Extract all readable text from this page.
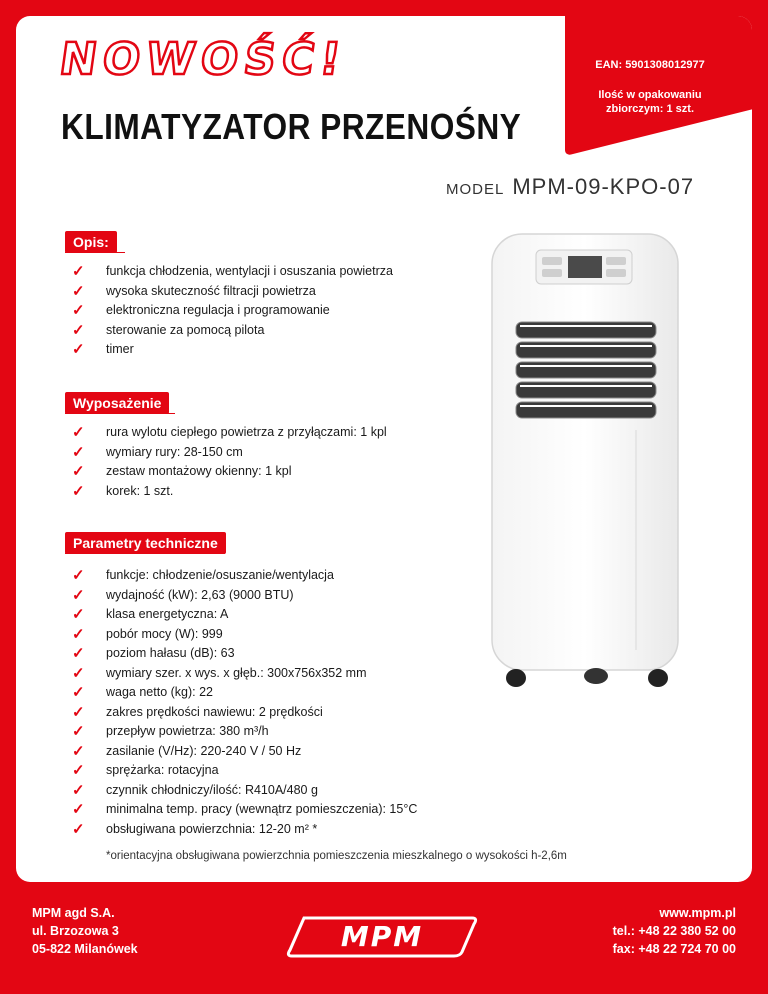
EAN: 5901308012977
Ilość w opakowaniu
zbiorczym: 1 szt.
NOWOŚĆ!
KLIMATYZATOR PRZENOŚNY
MODEL MPM-09-KPO-07
Opis:
✓ funkcja chłodzenia, wentylacji i osuszania powietrza
✓ wysoka skuteczność filtracji powietrza
✓ elektroniczna regulacja i programowanie
✓ sterowanie za pomocą pilota
✓ timer
Wyposażenie
✓ rura wylotu ciepłego powietrza z przyłączami: 1 kpl
✓ wymiary rury: 28-150 cm
✓ zestaw montażowy okienny: 1 kpl
✓ korek: 1 szt.
Parametry techniczne
✓ funkcje: chłodzenie/osuszanie/wentylacja
✓ wydajność (kW): 2,63 (9000 BTU)
✓ klasa energetyczna: A
✓ pobór mocy (W): 999
✓ poziom hałasu (dB): 63
✓ wymiary szer. x wys. x głęb.: 300x756x352 mm
✓ waga netto (kg): 22
✓ zakres prędkości nawiewu: 2 prędkości
✓ przepływ powietrza: 380 m³/h
✓ zasilanie (V/Hz): 220-240 V / 50 Hz
✓ sprężarka: rotacyjna
✓ czynnik chłodniczy/ilość: R410A/480 g
✓ minimalna temp. pracy (wewnątrz pomieszczenia): 15°C
✓ obsługiwana powierzchnia: 12-20 m² *
*orientacyjna obsługiwana powierzchnia pomieszczenia mieszkalnego o wysokości h-2,6m
MPM agd S.A.
ul. Brzozowa 3
05-822 Milanówek	MPM
www.mpm.pl
tel.: +48 22 380 52 00
fax: +48 22 724 70 00
